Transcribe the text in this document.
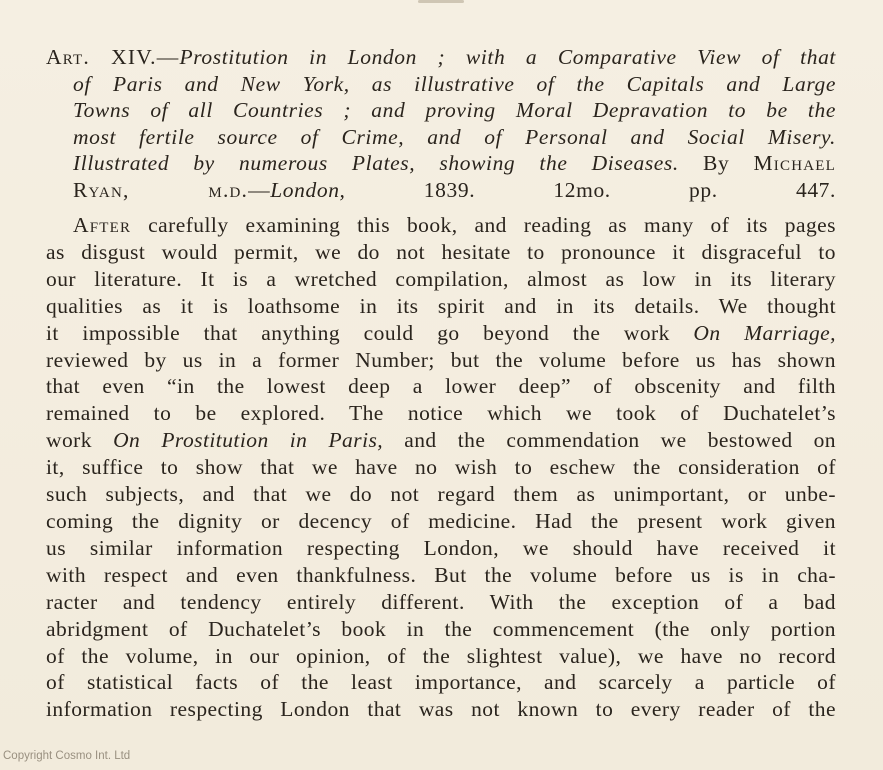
Art. XIV.—Prostitution in London ; with a Comparative View of that
of Paris and New York, as illustrative of the Capitals and Large
Towns of all Countries ; and proving Moral Depravation to be the
most fertile source of Crime, and of Personal and Social Misery.
Illustrated by numerous Plates, showing the Diseases. By Michael
Ryan, m.d.—London, 1839. 12mo. pp. 447.
After carefully examining this book, and reading as many of its pages
as disgust would permit, we do not hesitate to pronounce it disgraceful to
our literature. It is a wretched compilation, almost as low in its literary
qualities as it is loathsome in its spirit and in its details. We thought
it impossible that anything could go beyond the work On Marriage,
reviewed by us in a former Number; but the volume before us has shown
that even “in the lowest deep a lower deep” of obscenity and filth
remained to be explored. The notice which we took of Duchatelet’s
work On Prostitution in Paris, and the commendation we bestowed on
it, suffice to show that we have no wish to eschew the consideration of
such subjects, and that we do not regard them as unimportant, or unbe-
coming the dignity or decency of medicine. Had the present work given
us similar information respecting London, we should have received it
with respect and even thankfulness. But the volume before us is in cha-
racter and tendency entirely different. With the exception of a bad
abridgment of Duchatelet’s book in the commencement (the only portion
of the volume, in our opinion, of the slightest value), we have no record
of statistical facts of the least importance, and scarcely a particle of
information respecting London that was not known to every reader of the
Copyright Cosmo Int. Ltd
